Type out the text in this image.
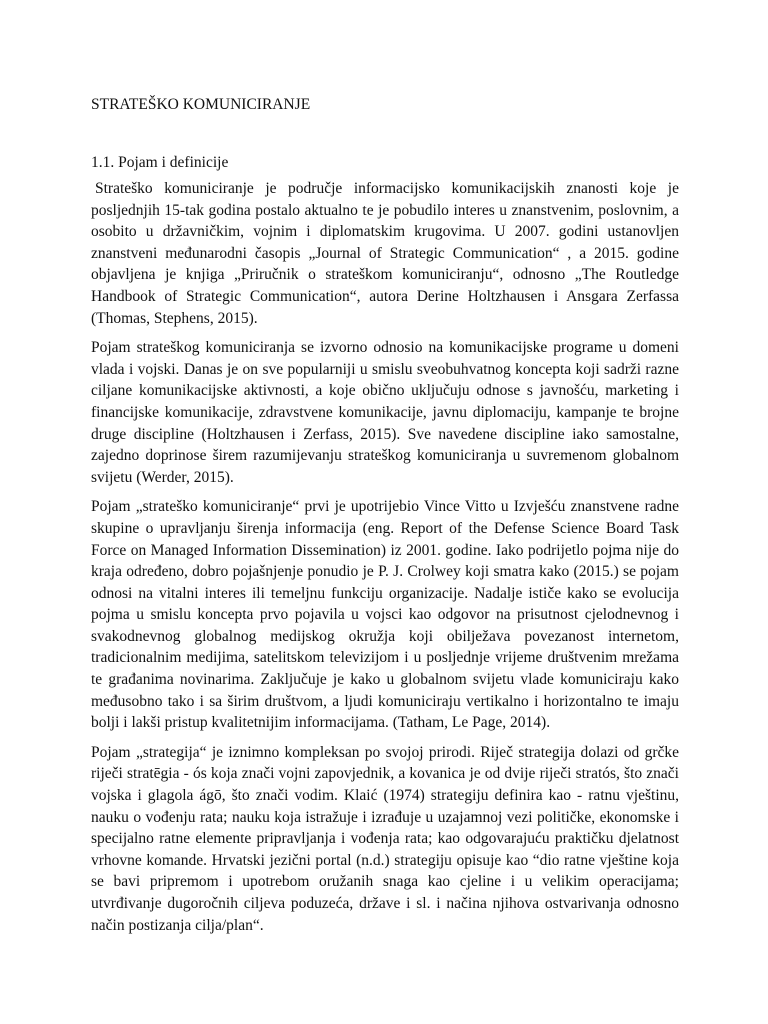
STRATEŠKO KOMUNICIRANJE
1.1. Pojam i definicije

Strateško komuniciranje je područje informacijsko komunikacijskih znanosti koje je posljednjih 15-tak godina postalo aktualno te je pobudilo interes u znanstvenim, poslovnim, a osobito u državničkim, vojnim i diplomatskim krugovima. U 2007. godini ustanovljen znanstveni međunarodni časopis „Journal of Strategic Communication“ , a 2015. godine objavljena je knjiga „Priručnik o strateškom komuniciranju“, odnosno „The Routledge Handbook of Strategic Communication“, autora Derine Holtzhausen i Ansgara Zerfassa (Thomas, Stephens, 2015).

Pojam strateškog komuniciranja se izvorno odnosio na komunikacijske programe u domeni vlada i vojski. Danas je on sve popularniji u smislu sveobuhvatnog koncepta koji sadrži razne ciljane komunikacijske aktivnosti, a koje obično uključuju odnose s javnošću, marketing i financijske komunikacije, zdravstvene komunikacije, javnu diplomaciju, kampanje te brojne druge discipline (Holtzhausen i Zerfass, 2015). Sve navedene discipline iako samostalne, zajedno doprinose širem razumijevanju strateškog komuniciranja u suvremenom globalnom svijetu (Werder, 2015).

Pojam „strateško komuniciranje“ prvi je upotrijebio Vince Vitto u Izvješću znanstvene radne skupine o upravljanju širenja informacija (eng. Report of the Defense Science Board Task Force on Managed Information Dissemination) iz 2001. godine. Iako podrijetlo pojma nije do kraja određeno, dobro pojašnjenje ponudio je P. J. Crolwey koji smatra kako (2015.) se pojam odnosi na vitalni interes ili temeljnu funkciju organizacije. Nadalje ističe kako se evolucija pojma u smislu koncepta prvo pojavila u vojsci kao odgovor na prisutnost cjelodnevnog i svakodnevnog globalnog medijskog okružja koji obilježava povezanost internetom, tradicionalnim medijima, satelitskom televizijom i u posljednje vrijeme društvenim mrežama te građanima novinarima. Zaključuje je kako u globalnom svijetu vlade komuniciraju kako međusobno tako i sa širim društvom, a ljudi komuniciraju vertikalno i horizontalno te imaju bolji i lakši pristup kvalitetnijim informacijama. (Tatham, Le Page, 2014).

Pojam „strategija“ je iznimno kompleksan po svojoj prirodi. Riječ strategija dolazi od grčke riječi stratēgia - ós koja znači vojni zapovjednik, a kovanica je od dvije riječi stratós, što znači vojska i glagola ágō, što znači vodim. Klaić (1974) strategiju definira kao - ratnu vještinu, nauku o vođenju rata; nauku koja istražuje i izrađuje u uzajamnoj vezi političke, ekonomske i specijalno ratne elemente pripravljanja i vođenja rata; kao odgovarajuću praktičku djelatnost vrhovne komande. Hrvatski jezični portal (n.d.) strategiju opisuje kao “dio ratne vještine koja se bavi pripremom i upotrebom oružanih snaga kao cjeline i u velikim operacijama; utvrđivanje dugoročnih ciljeva poduzeća, države i sl. i načina njihova ostvarivanja odnosno način postizanja cilja/plan“.
